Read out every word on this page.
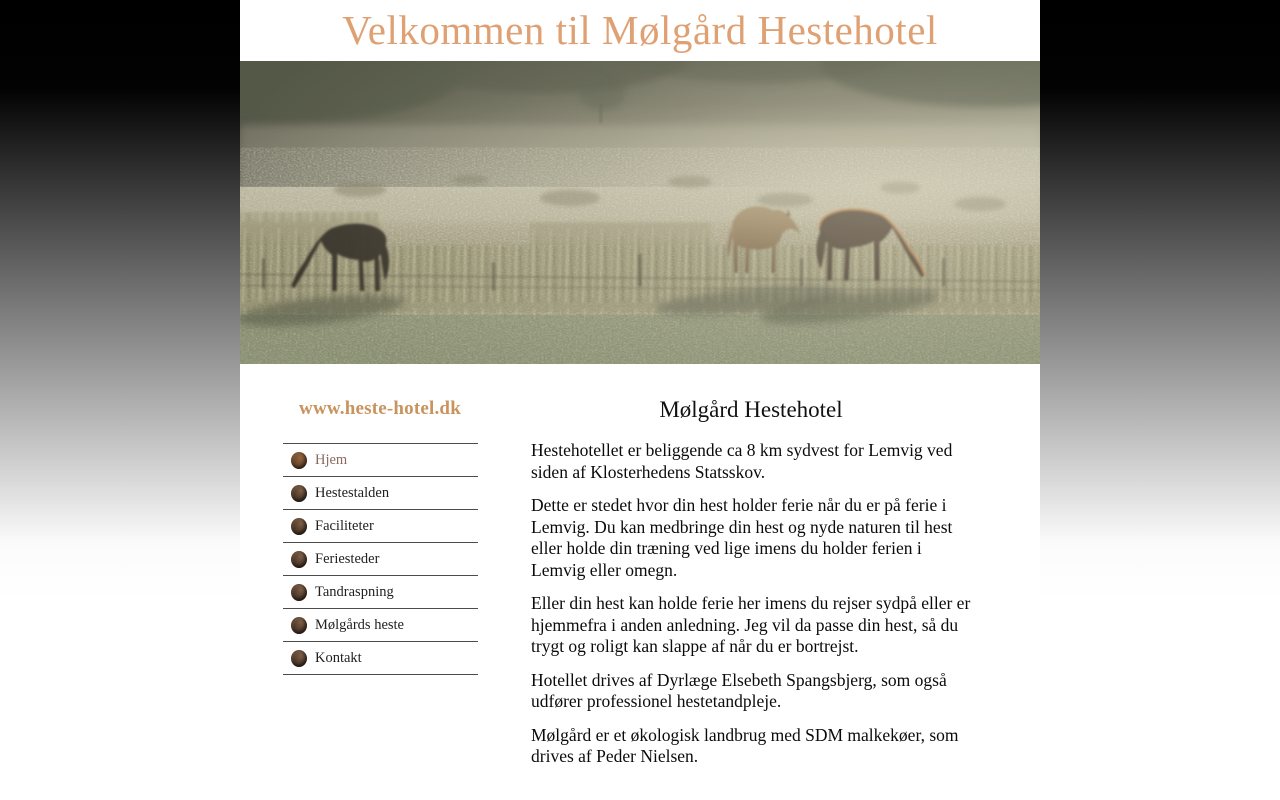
Velkommen til Mølgård Hestehotel
www.heste-hotel.dk
Hjem
Hestestalden
Faciliteter
Feriesteder
Tandraspning
Mølgårds heste
Kontakt
Mølgård Hestehotel

Hestehotellet er beliggende ca 8 km sydvest for Lemvig ved siden af Klosterhedens Statsskov.

Dette er stedet hvor din hest holder ferie når du er på ferie i Lemvig. Du kan medbringe din hest og nyde naturen til hest eller holde din træning ved lige imens du holder ferien i Lemvig eller omegn.

Eller din hest kan holde ferie her imens du rejser sydpå eller er hjemmefra i anden anledning. Jeg vil da passe din hest, så du trygt og roligt kan slappe af når du er bortrejst.

Hotellet drives af Dyrlæge Elsebeth Spangsbjerg, som også udfører professionel hestetandpleje.

Mølgård er et økologisk landbrug med SDM malkekøer, som drives af Peder Nielsen.
